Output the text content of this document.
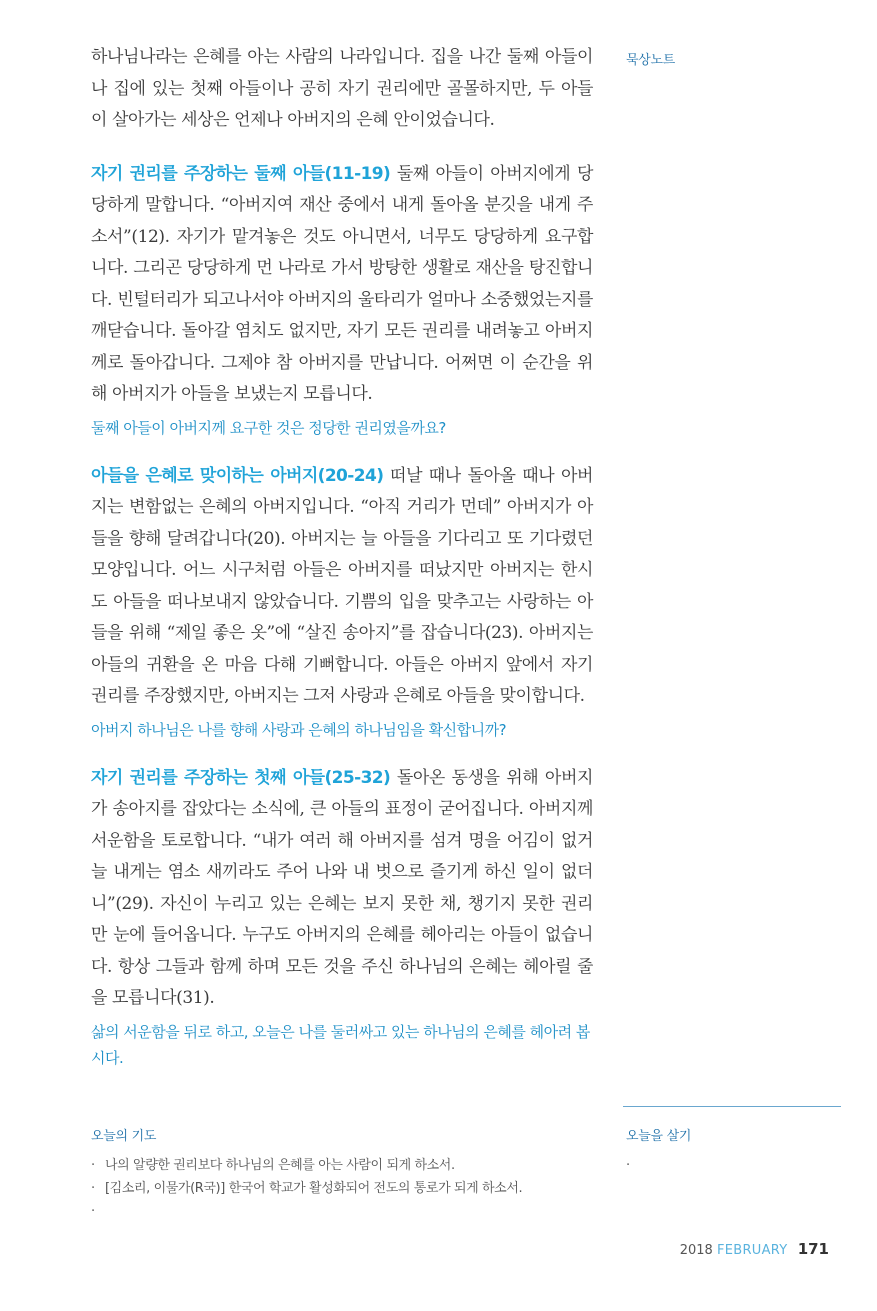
묵상노트

하나님나라는 은혜를 아는 사람의 나라입니다. 집을 나간 둘째 아들이나 집에 있는 첫째 아들이나 공히 자기 권리에만 골몰하지만, 두 아들이 살아가는 세상은 언제나 아버지의 은혜 안이었습니다.

자기 권리를 주장하는 둘째 아들(11-19) 둘째 아들이 아버지에게 당당하게 말합니다. “아버지여 재산 중에서 내게 돌아올 분깃을 내게 주소서”(12). 자기가 맡겨놓은 것도 아니면서, 너무도 당당하게 요구합니다. 그리곤 당당하게 먼 나라로 가서 방탕한 생활로 재산을 탕진합니다. 빈털터리가 되고나서야 아버지의 울타리가 얼마나 소중했었는지를 깨닫습니다. 돌아갈 염치도 없지만, 자기 모든 권리를 내려놓고 아버지께로 돌아갑니다. 그제야 참 아버지를 만납니다. 어쩌면 이 순간을 위해 아버지가 아들을 보냈는지 모릅니다.

둘째 아들이 아버지께 요구한 것은 정당한 권리였을까요?

아들을 은혜로 맞이하는 아버지(20-24) 떠날 때나 돌아올 때나 아버지는 변함없는 은혜의 아버지입니다. “아직 거리가 먼데” 아버지가 아들을 향해 달려갑니다(20). 아버지는 늘 아들을 기다리고 또 기다렸던 모양입니다. 어느 시구처럼 아들은 아버지를 떠났지만 아버지는 한시도 아들을 떠나보내지 않았습니다. 기쁨의 입을 맞추고는 사랑하는 아들을 위해 “제일 좋은 옷”에 “살진 송아지”를 잡습니다(23). 아버지는 아들의 귀환을 온 마음 다해 기뻐합니다. 아들은 아버지 앞에서 자기 권리를 주장했지만, 아버지는 그저 사랑과 은혜로 아들을 맞이합니다.

아버지 하나님은 나를 향해 사랑과 은혜의 하나님임을 확신합니까?

자기 권리를 주장하는 첫째 아들(25-32) 돌아온 동생을 위해 아버지가 송아지를 잡았다는 소식에, 큰 아들의 표정이 굳어집니다. 아버지께 서운함을 토로합니다. “내가 여러 해 아버지를 섬겨 명을 어김이 없거늘 내게는 염소 새끼라도 주어 나와 내 벗으로 즐기게 하신 일이 없더니”(29). 자신이 누리고 있는 은혜는 보지 못한 채, 챙기지 못한 권리만 눈에 들어옵니다. 누구도 아버지의 은혜를 헤아리는 아들이 없습니다. 항상 그들과 함께 하며 모든 것을 주신 하나님의 은혜는 헤아릴 줄을 모릅니다(31).

삶의 서운함을 뒤로 하고, 오늘은 나를 둘러싸고 있는 하나님의 은혜를 헤아려 봅시다.

오늘의 기도

· 나의 알량한 권리보다 하나님의 은혜를 아는 사람이 되게 하소서.
· [김소리, 이물가(R국)] 한국어 학교가 활성화되어 전도의 통로가 되게 하소서.
·

오늘을 살기

·
2018 FEBRUARY 171
